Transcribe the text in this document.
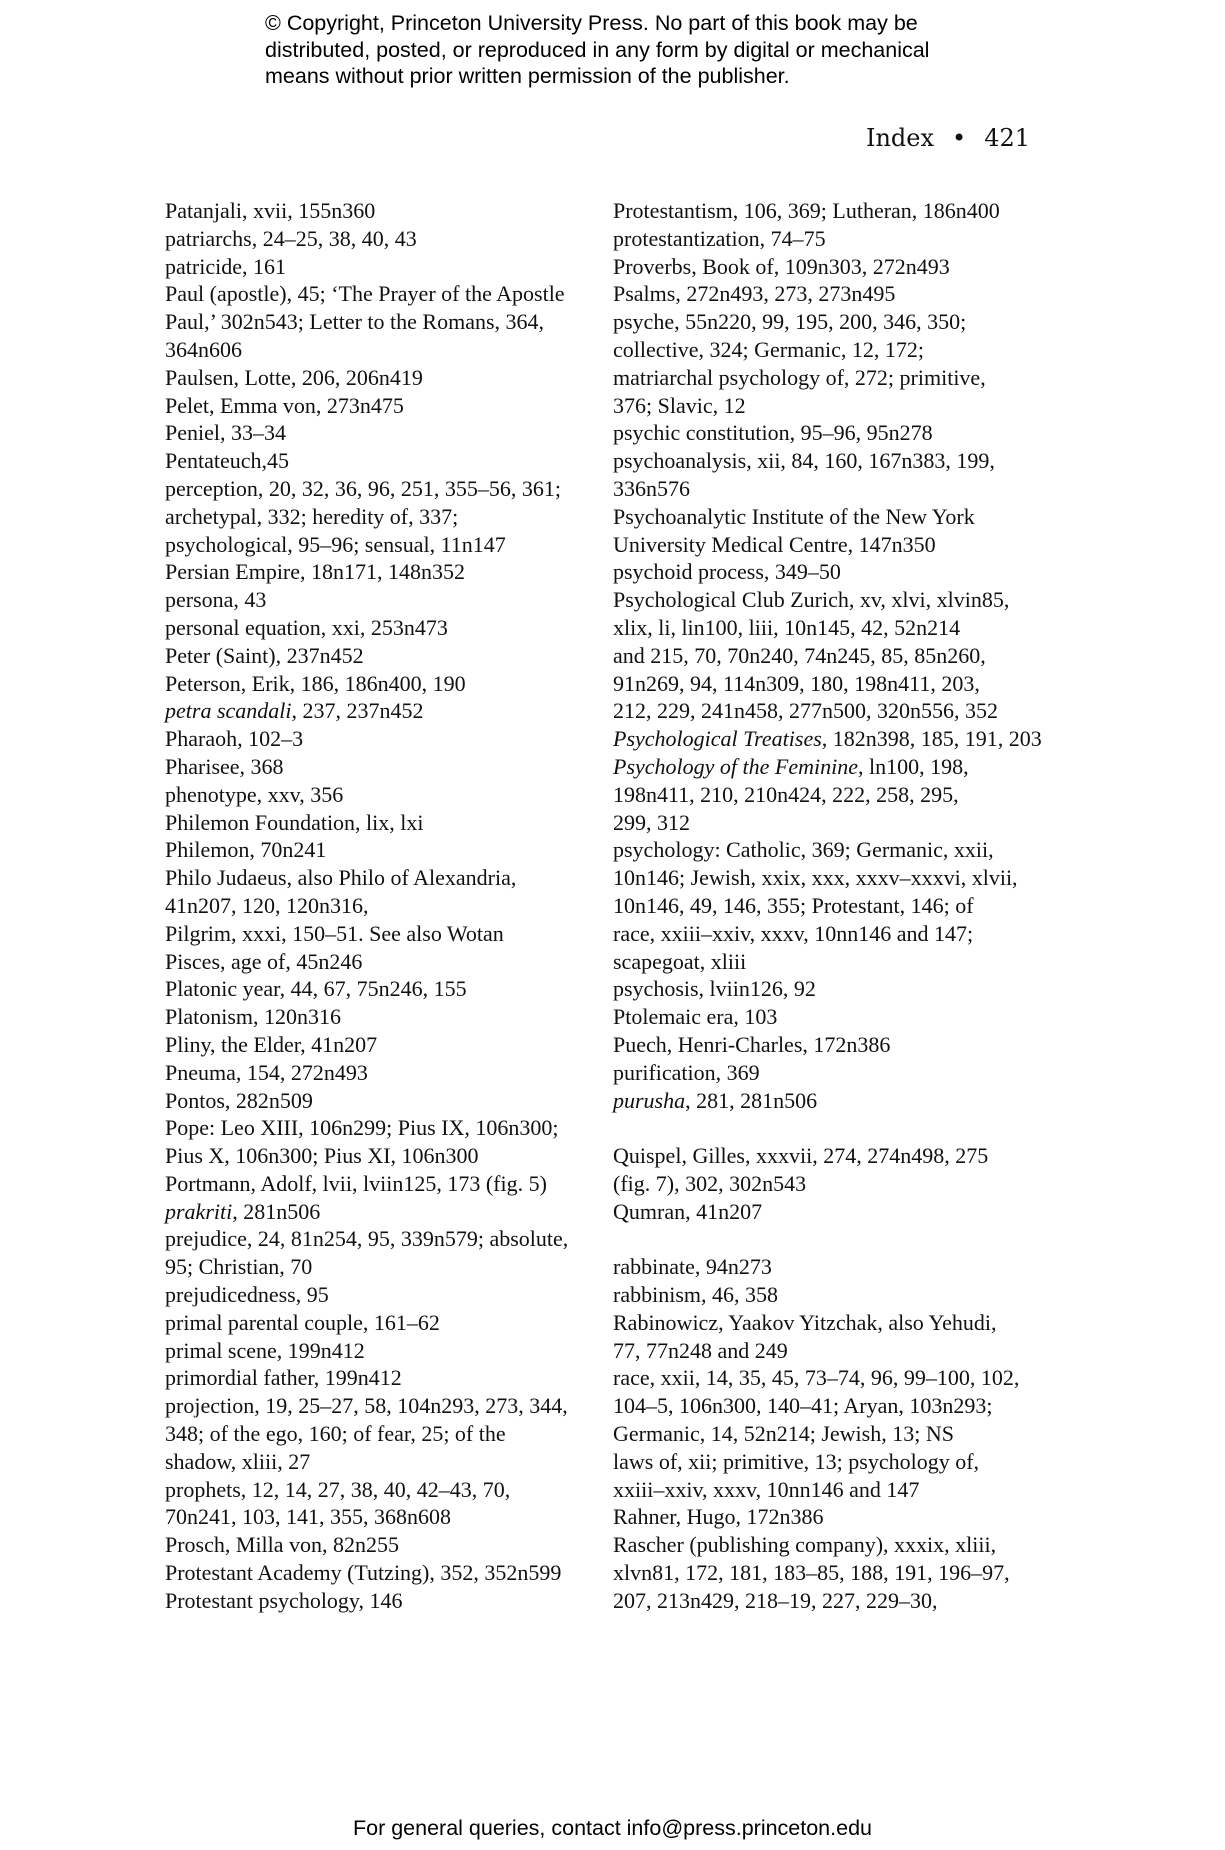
© Copyright, Princeton University Press. No part of this book may be
distributed, posted, or reproduced in any form by digital or mechanical
means without prior written permission of the publisher.
Index • 421
Patanjali, xvii, 155n360
patriarchs, 24–25, 38, 40, 43
patricide, 161
Paul (apostle), 45; ‘The Prayer of the Apostle
Paul,’ 302n543; Letter to the Romans, 364,
364n606
Paulsen, Lotte, 206, 206n419
Pelet, Emma von, 273n475
Peniel, 33–34
Pentateuch,45
perception, 20, 32, 36, 96, 251, 355–56, 361;
archetypal, 332; heredity of, 337;
psychological, 95–96; sensual, 11n147
Persian Empire, 18n171, 148n352
persona, 43
personal equation, xxi, 253n473
Peter (Saint), 237n452
Peterson, Erik, 186, 186n400, 190
petra scandali, 237, 237n452
Pharaoh, 102–3
Pharisee, 368
phenotype, xxv, 356
Philemon Foundation, lix, lxi
Philemon, 70n241
Philo Judaeus, also Philo of Alexandria,
41n207, 120, 120n316,
Pilgrim, xxxi, 150–51. See also Wotan
Pisces, age of, 45n246
Platonic year, 44, 67, 75n246, 155
Platonism, 120n316
Pliny, the Elder, 41n207
Pneuma, 154, 272n493
Pontos, 282n509
Pope: Leo XIII, 106n299; Pius IX, 106n300;
Pius X, 106n300; Pius XI, 106n300
Portmann, Adolf, lvii, lviin125, 173 (fig. 5)
prakriti, 281n506
prejudice, 24, 81n254, 95, 339n579; absolute,
95; Christian, 70
prejudicedness, 95
primal parental couple, 161–62
primal scene, 199n412
primordial father, 199n412
projection, 19, 25–27, 58, 104n293, 273, 344,
348; of the ego, 160; of fear, 25; of the
shadow, xliii, 27
prophets, 12, 14, 27, 38, 40, 42–43, 70,
70n241, 103, 141, 355, 368n608
Prosch, Milla von, 82n255
Protestant Academy (Tutzing), 352, 352n599
Protestant psychology, 146
Protestantism, 106, 369; Lutheran, 186n400
protestantization, 74–75
Proverbs, Book of, 109n303, 272n493
Psalms, 272n493, 273, 273n495
psyche, 55n220, 99, 195, 200, 346, 350;
collective, 324; Germanic, 12, 172;
matriarchal psychology of, 272; primitive,
376; Slavic, 12
psychic constitution, 95–96, 95n278
psychoanalysis, xii, 84, 160, 167n383, 199,
336n576
Psychoanalytic Institute of the New York
University Medical Centre, 147n350
psychoid process, 349–50
Psychological Club Zurich, xv, xlvi, xlvin85,
xlix, li, lin100, liii, 10n145, 42, 52n214
and 215, 70, 70n240, 74n245, 85, 85n260,
91n269, 94, 114n309, 180, 198n411, 203,
212, 229, 241n458, 277n500, 320n556, 352
Psychological Treatises, 182n398, 185, 191, 203
Psychology of the Feminine, ln100, 198,
198n411, 210, 210n424, 222, 258, 295,
299, 312
psychology: Catholic, 369; Germanic, xxii,
10n146; Jewish, xxix, xxx, xxxv–xxxvi, xlvii,
10n146, 49, 146, 355; Protestant, 146; of
race, xxiii–xxiv, xxxv, 10nn146 and 147;
scapegoat, xliii
psychosis, lviin126, 92
Ptolemaic era, 103
Puech, Henri-Charles, 172n386
purification, 369
purusha, 281, 281n506
Quispel, Gilles, xxxvii, 274, 274n498, 275
(fig. 7), 302, 302n543
Qumran, 41n207
rabbinate, 94n273
rabbinism, 46, 358
Rabinowicz, Yaakov Yitzchak, also Yehudi,
77, 77n248 and 249
race, xxii, 14, 35, 45, 73–74, 96, 99–100, 102,
104–5, 106n300, 140–41; Aryan, 103n293;
Germanic, 14, 52n214; Jewish, 13; NS
laws of, xii; primitive, 13; psychology of,
xxiii–xxiv, xxxv, 10nn146 and 147
Rahner, Hugo, 172n386
Rascher (publishing company), xxxix, xliii,
xlvn81, 172, 181, 183–85, 188, 191, 196–97,
207, 213n429, 218–19, 227, 229–30,
For general queries, contact info@press.princeton.edu
